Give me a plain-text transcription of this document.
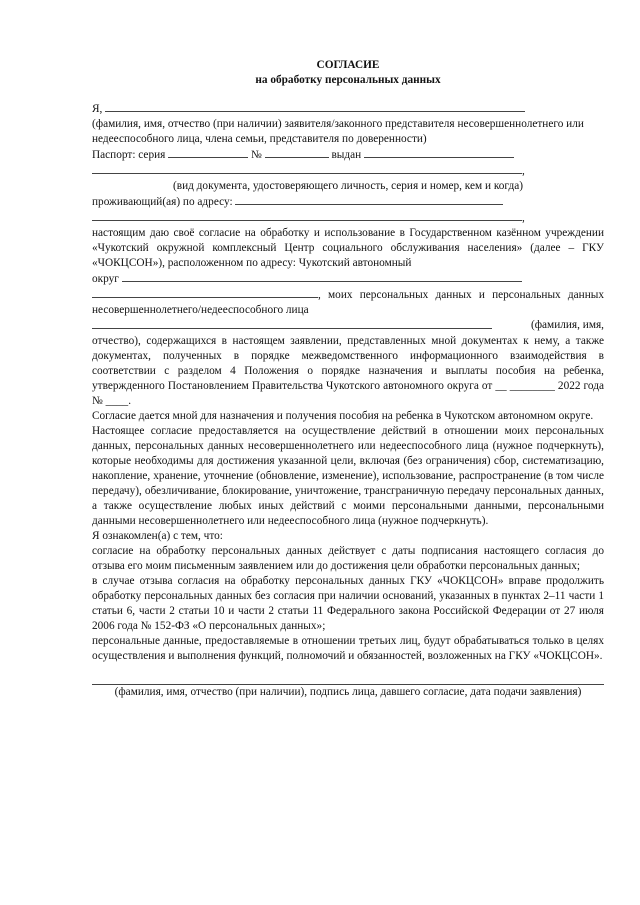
СОГЛАСИЕ

на обработку персональных данных

Я,

(фамилия, имя, отчество (при наличии) заявителя/законного представителя несовершеннолетнего или недееспособного лица, члена семьи, представителя по доверенности)

Паспорт: серия	№	выдан
,

(вид документа, удостоверяющего личность, серия и номер, кем и когда)

проживающий(ая) по адресу:
,

настоящим даю своё согласие на обработку и использование в Государственном казённом учреждении «Чукотский окружной комплексный Центр социального обслуживания населения» (далее – ГКУ «ЧОКЦСОН»), расположенном по адресу: Чукотский автономный

округ
, моих персональных данных и персональных данных несовершеннолетнего/недееспособного лица
(фамилия, имя,

отчество), содержащихся в настоящем заявлении, представленных мной документах к нему, а также документах, полученных в порядке межведомственного информационного взаимодействия в соответствии с разделом 4 Положения о порядке назначения и выплаты пособия на ребенка, утвержденного Постановлением Правительства Чукотского автономного округа от __ ________ 2022 года № ____.

Согласие дается мной для назначения и получения пособия на ребенка в Чукотском автономном округе.

Настоящее согласие предоставляется на осуществление действий в отношении моих персональных данных, персональных данных несовершеннолетнего или недееспособного лица (нужное подчеркнуть), которые необходимы для достижения указанной цели, включая (без ограничения) сбор, систематизацию, накопление, хранение, уточнение (обновление, изменение), использование, распространение (в том числе передачу), обезличивание, блокирование, уничтожение, трансграничную передачу персональных данных, а также осуществление любых иных действий с моими персональными данными, персональными данными несовершеннолетнего или недееспособного лица (нужное подчеркнуть).

Я ознакомлен(а) с тем, что:

согласие на обработку персональных данных действует с даты подписания настоящего согласия до отзыва его моим письменным заявлением или до достижения цели обработки персональных данных;

в случае отзыва согласия на обработку персональных данных ГКУ «ЧОКЦСОН» вправе продолжить обработку персональных данных без согласия при наличии оснований, указанных в пунктах 2–11 части 1 статьи 6, части 2 статьи 10 и части 2 статьи 11 Федерального закона Российской Федерации от 27 июля 2006 года № 152-ФЗ «О персональных данных»;

персональные данные, предоставляемые в отношении третьих лиц, будут обрабатываться только в целях осуществления и выполнения функций, полномочий и обязанностей, возложенных на ГКУ «ЧОКЦСОН».

(фамилия, имя, отчество (при наличии), подпись лица, давшего согласие, дата подачи заявления)
